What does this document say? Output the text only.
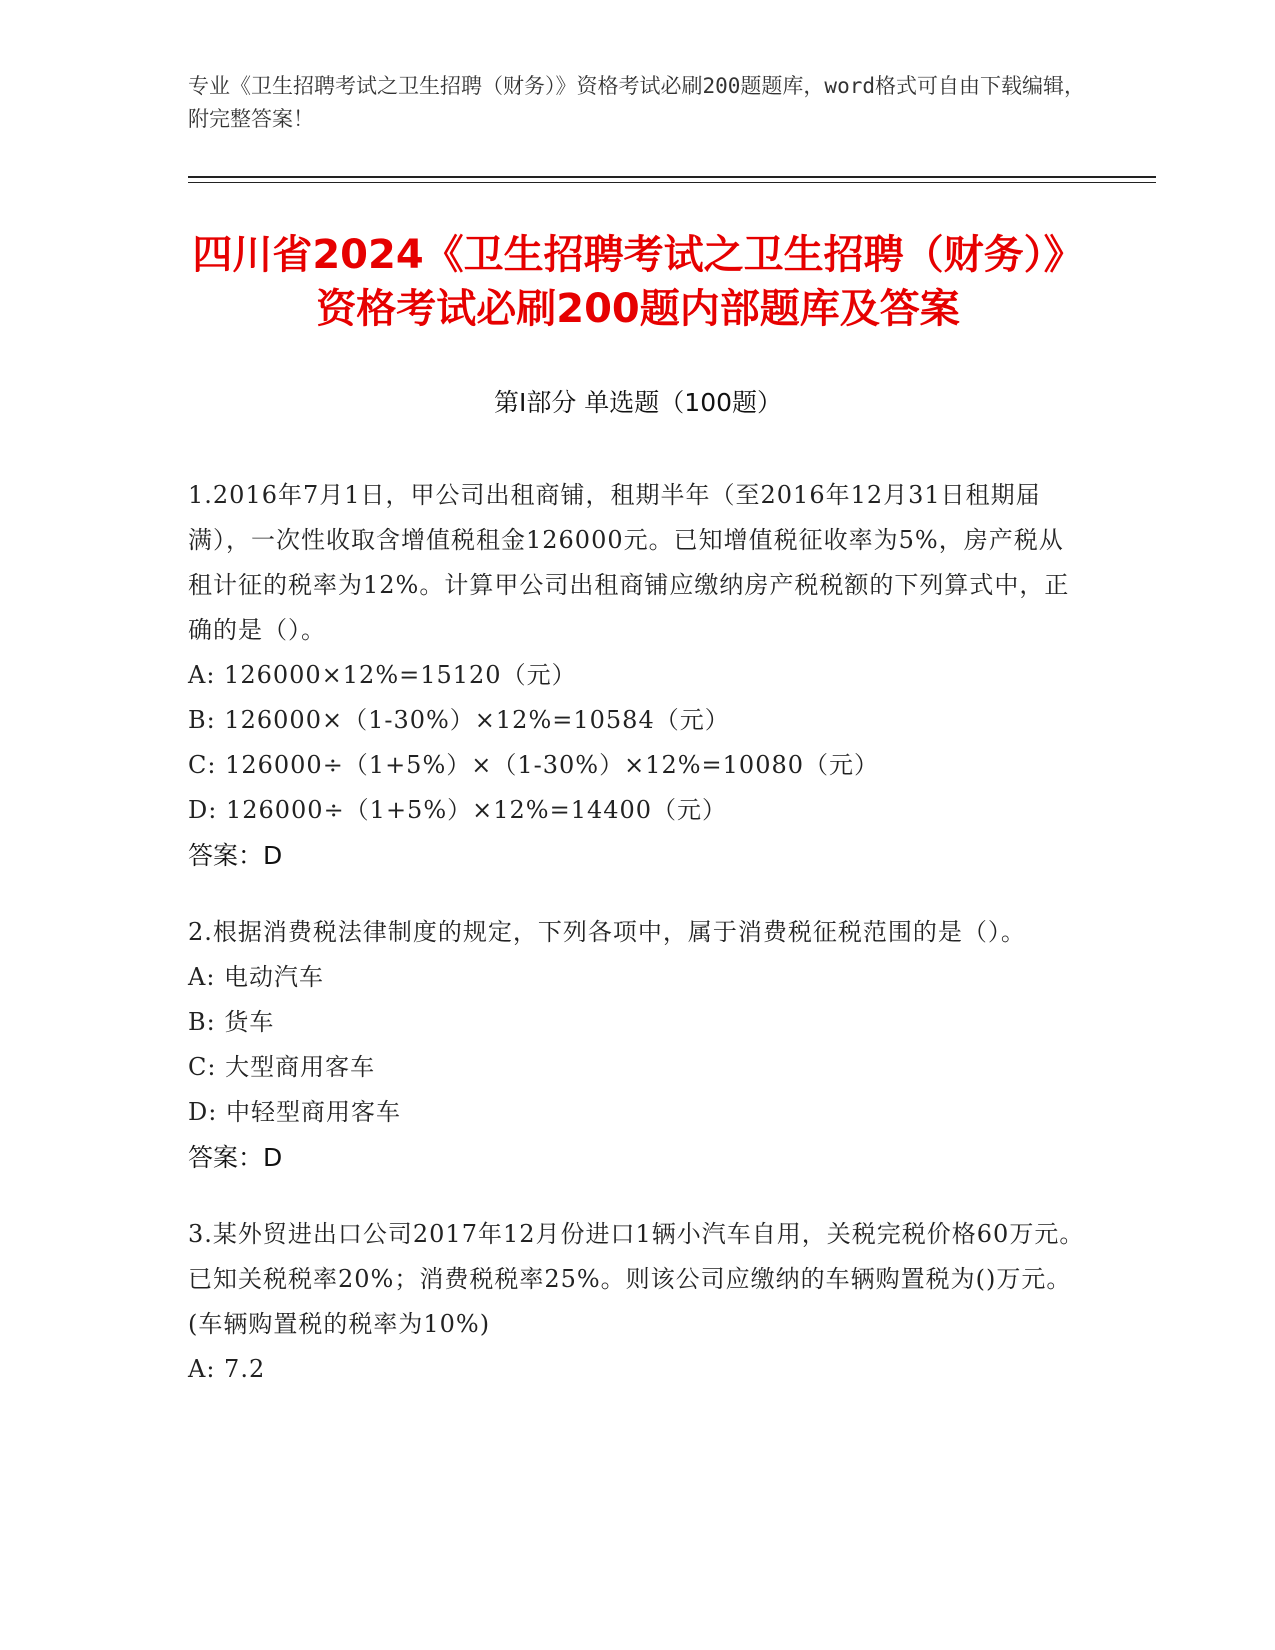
专业《卫生招聘考试之卫生招聘（财务）》资格考试必刷200题题库，word格式可自由下载编辑，附完整答案！
四川省2024《卫生招聘考试之卫生招聘（财务）》资格考试必刷200题内部题库及答案
第Ⅰ部分 单选题（100题）
1.2016年7月1日，甲公司出租商铺，租期半年（至2016年12月31日租期届满），一次性收取含增值税租金126000元。已知增值税征收率为5%，房产税从租计征的税率为12%。计算甲公司出租商铺应缴纳房产税税额的下列算式中，正确的是（）。
A: 126000×12%=15120（元）
B: 126000×（1-30%）×12%=10584（元）
C: 126000÷（1+5%）×（1-30%）×12%=10080（元）
D: 126000÷（1+5%）×12%=14400（元）
答案：D
2.根据消费税法律制度的规定，下列各项中，属于消费税征税范围的是（）。
A: 电动汽车
B: 货车
C: 大型商用客车
D: 中轻型商用客车
答案：D
3.某外贸进出口公司2017年12月份进口1辆小汽车自用，关税完税价格60万元。已知关税税率20%；消费税税率25%。则该公司应缴纳的车辆购置税为()万元。(车辆购置税的税率为10%)
A: 7.2
